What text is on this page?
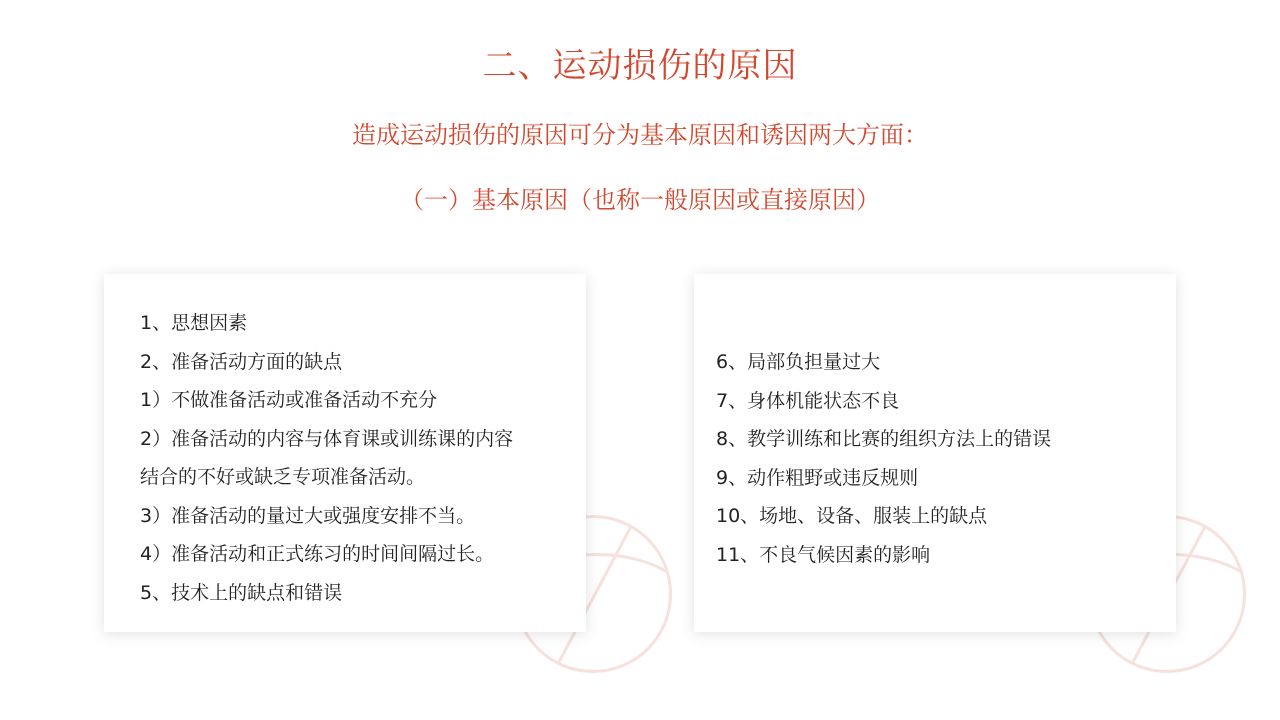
二、运动损伤的原因
造成运动损伤的原因可分为基本原因和诱因两大方面：
（一）基本原因（也称一般原因或直接原因）
1、思想因素
2、准备活动方面的缺点
1）不做准备活动或准备活动不充分
2）准备活动的内容与体育课或训练课的内容
结合的不好或缺乏专项准备活动。
3）准备活动的量过大或强度安排不当。
4）准备活动和正式练习的时间间隔过长。
5、技术上的缺点和错误
6、局部负担量过大
7、身体机能状态不良
8、教学训练和比赛的组织方法上的错误
9、动作粗野或违反规则
10、场地、设备、服装上的缺点
11、不良气候因素的影响
